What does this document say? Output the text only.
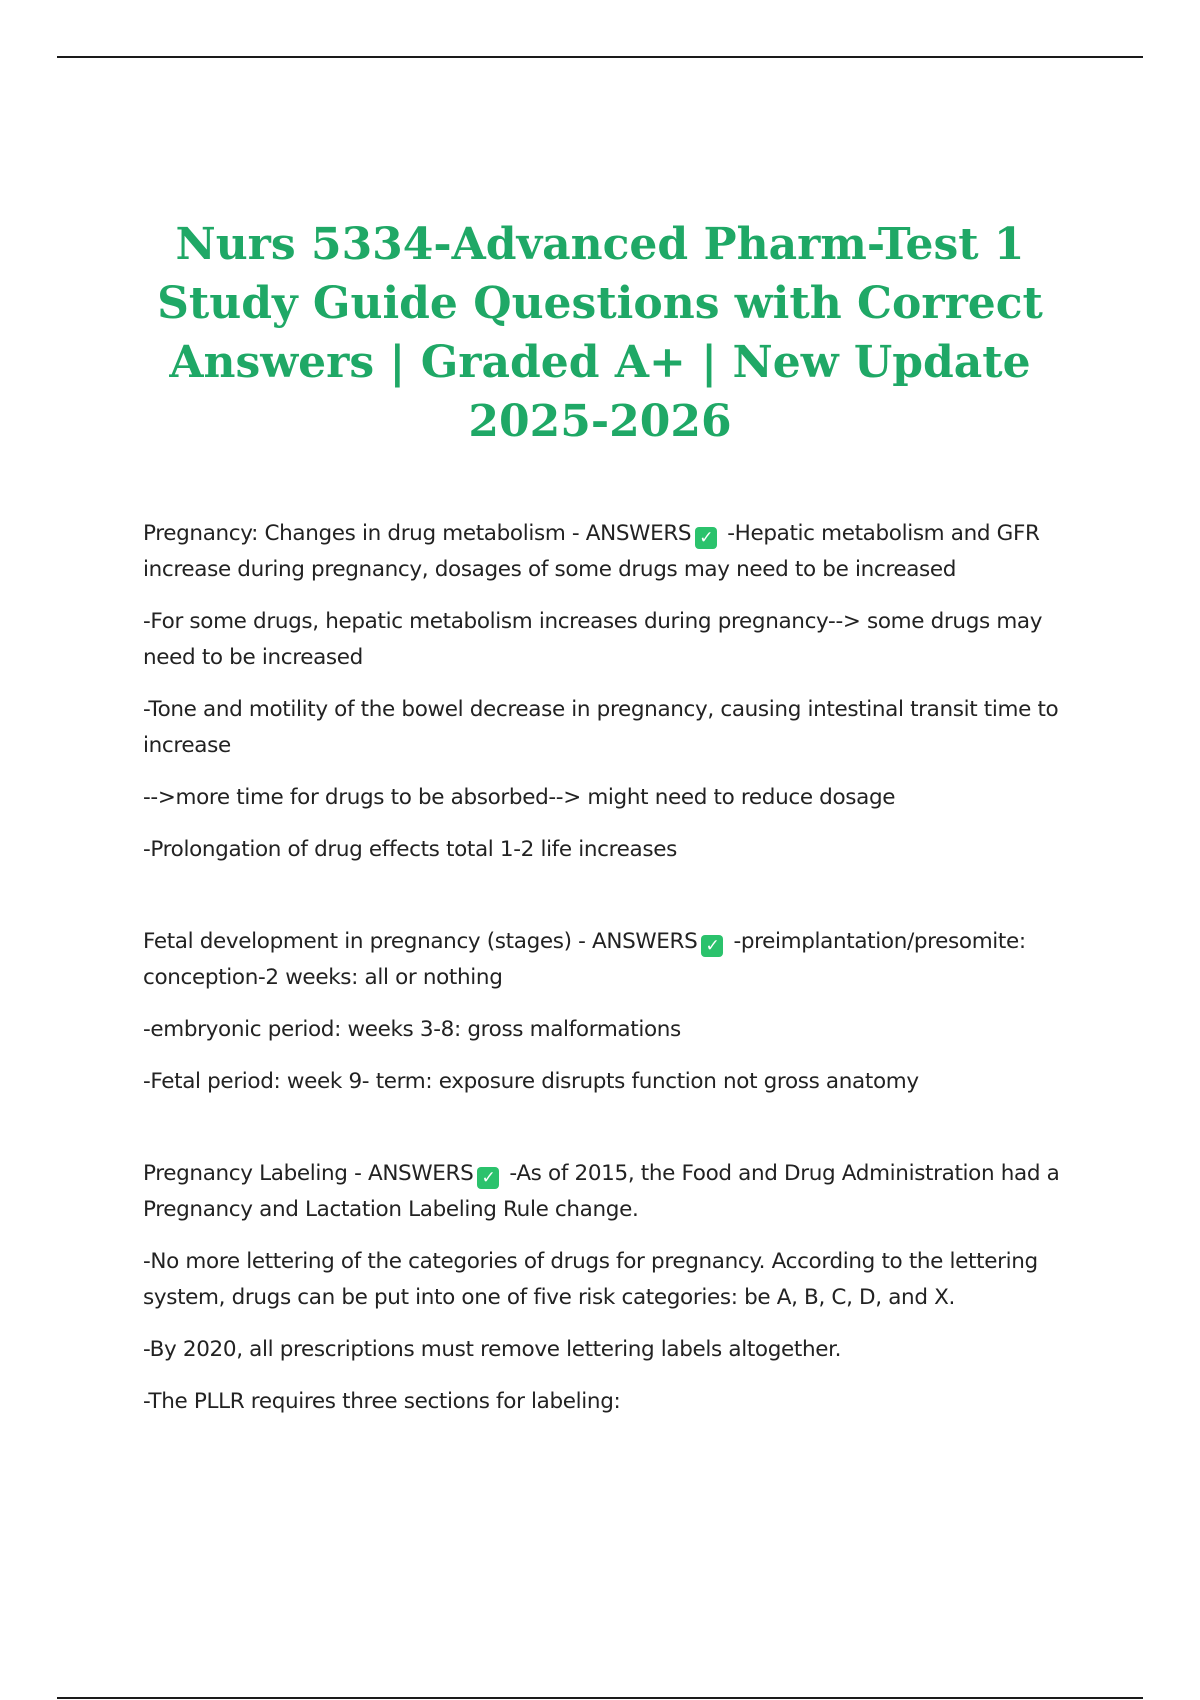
Nurs 5334-Advanced Pharm-Test 1 Study Guide Questions with Correct Answers | Graded A+ | New Update 2025-2026

Pregnancy: Changes in drug metabolism - ANSWERS ✓ -Hepatic metabolism and GFR increase during pregnancy, dosages of some drugs may need to be increased

-For some drugs, hepatic metabolism increases during pregnancy--> some drugs may need to be increased

-Tone and motility of the bowel decrease in pregnancy, causing intestinal transit time to increase

-->more time for drugs to be absorbed--> might need to reduce dosage

-Prolongation of drug effects total 1-2 life increases

Fetal development in pregnancy (stages) - ANSWERS ✓ -preimplantation/presomite: conception-2 weeks: all or nothing

-embryonic period: weeks 3-8: gross malformations

-Fetal period: week 9- term: exposure disrupts function not gross anatomy

Pregnancy Labeling - ANSWERS ✓ -As of 2015, the Food and Drug Administration had a Pregnancy and Lactation Labeling Rule change.

-No more lettering of the categories of drugs for pregnancy. According to the lettering system, drugs can be put into one of five risk categories: be A, B, C, D, and X.

-By 2020, all prescriptions must remove lettering labels altogether.

-The PLLR requires three sections for labeling:
